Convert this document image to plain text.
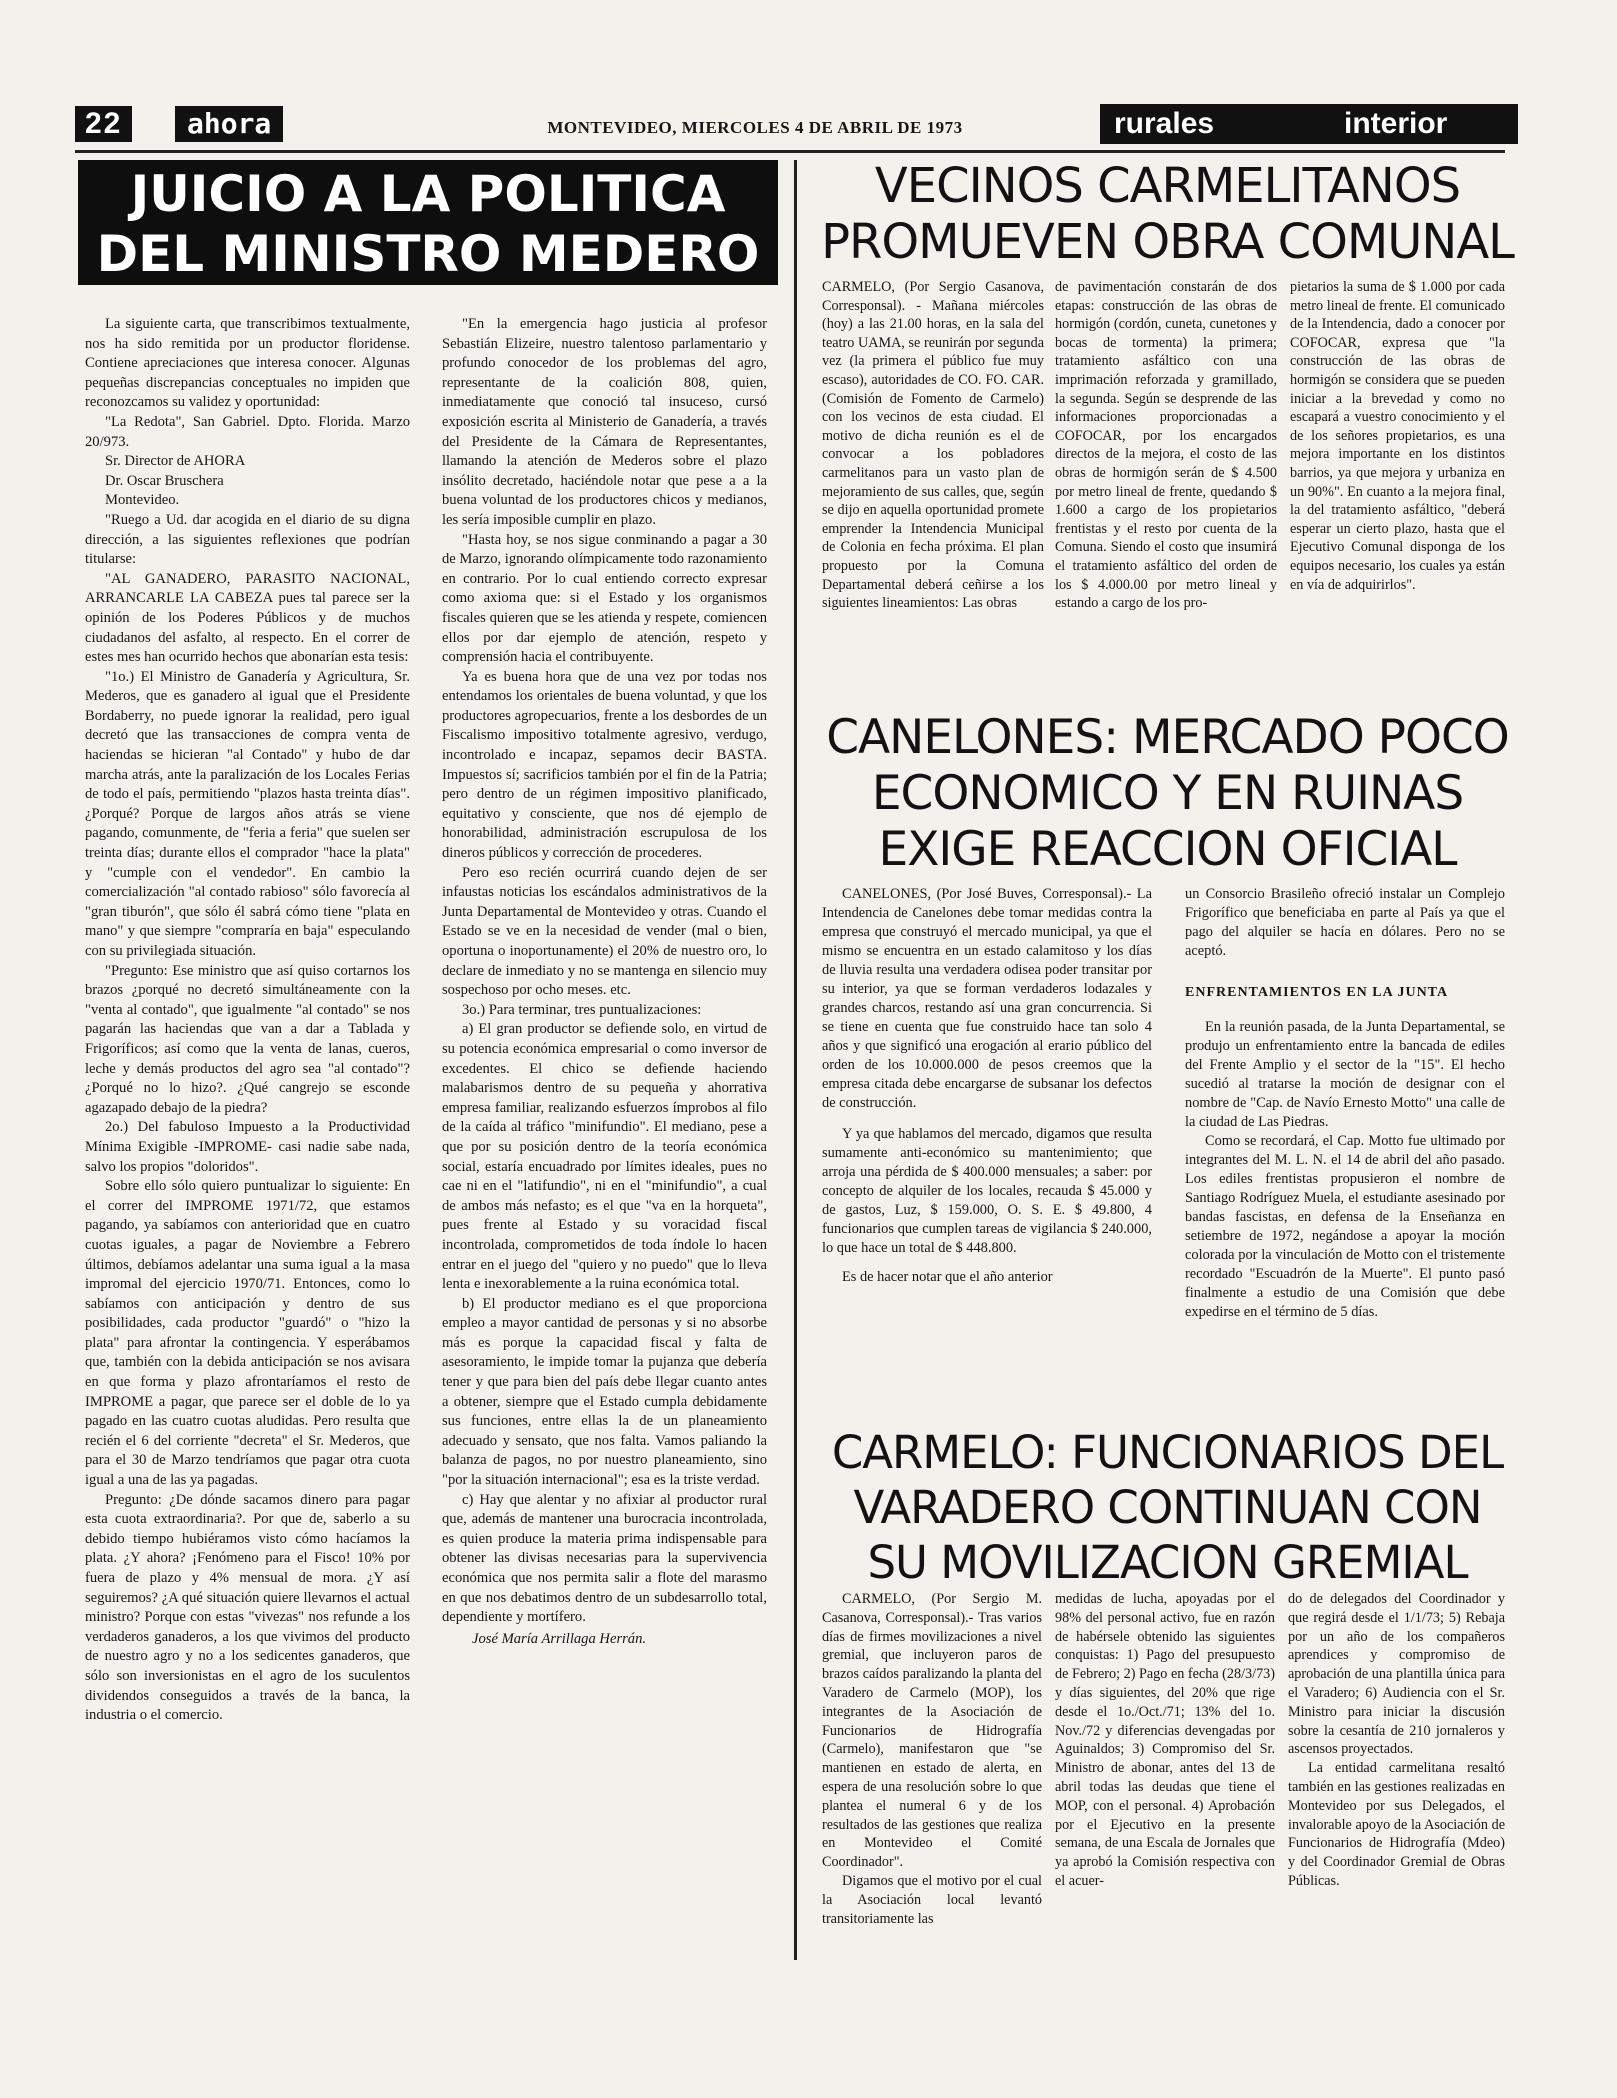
22	ahora	MONTEVIDEO, MIERCOLES 4 DE ABRIL DE 1973	rurales	interior
JUICIO A LA POLITICA
DEL MINISTRO MEDERO

La siguiente carta, que transcribimos textualmente, nos ha sido remitida por un productor floridense. Contiene apreciaciones que interesa conocer. Algunas pequeñas discrepancias conceptuales no impiden que reconozcamos su validez y oportunidad:

"La Redota", San Gabriel. Dpto. Florida. Marzo 20/973.

Sr. Director de AHORA

Dr. Oscar Bruschera

Montevideo.

"Ruego a Ud. dar acogida en el diario de su digna dirección, a las siguientes reflexiones que podrían titularse:

"AL GANADERO, PARASITO NACIONAL, ARRANCARLE LA CABEZA pues tal parece ser la opinión de los Poderes Públicos y de muchos ciudadanos del asfalto, al respecto. En el correr de estes mes han ocurrido hechos que abonarían esta tesis:

"1o.) El Ministro de Ganadería y Agricultura, Sr. Mederos, que es ganadero al igual que el Presidente Bordaberry, no puede ignorar la realidad, pero igual decretó que las transacciones de compra venta de haciendas se hicieran "al Contado" y hubo de dar marcha atrás, ante la paralización de los Locales Ferias de todo el país, permitiendo "plazos hasta treinta días". ¿Porqué? Porque de largos años atrás se viene pagando, comunmente, de "feria a feria" que suelen ser treinta días; durante ellos el comprador "hace la plata" y "cumple con el vendedor". En cambio la comercialización "al contado rabioso" sólo favorecía al "gran tiburón", que sólo él sabrá cómo tiene "plata en mano" y que siempre "compraría en baja" especulando con su privilegiada situación.

"Pregunto: Ese ministro que así quiso cortarnos los brazos ¿porqué no decretó simultáneamente con la "venta al contado", que igualmente "al contado" se nos pagarán las haciendas que van a dar a Tablada y Frigoríficos; así como que la venta de lanas, cueros, leche y demás productos del agro sea "al contado"? ¿Porqué no lo hizo?. ¿Qué cangrejo se esconde agazapado debajo de la piedra?

2o.) Del fabuloso Impuesto a la Productividad Mínima Exigible -IMPROME- casi nadie sabe nada, salvo los propios "doloridos".

Sobre ello sólo quiero puntualizar lo siguiente: En el correr del IMPROME 1971/72, que estamos pagando, ya sabíamos con anterioridad que en cuatro cuotas iguales, a pagar de Noviembre a Febrero últimos, debíamos adelantar una suma igual a la masa impromal del ejercicio 1970/71. Entonces, como lo sabíamos con anticipación y dentro de sus posibilidades, cada productor "guardó" o "hizo la plata" para afrontar la contingencia. Y esperábamos que, también con la debida anticipación se nos avisara en que forma y plazo afrontaríamos el resto de IMPROME a pagar, que parece ser el doble de lo ya pagado en las cuatro cuotas aludidas. Pero resulta que recién el 6 del corriente "decreta" el Sr. Mederos, que para el 30 de Marzo tendríamos que pagar otra cuota igual a una de las ya pagadas.

Pregunto: ¿De dónde sacamos dinero para pagar esta cuota extraordinaria?. Por que de, saberlo a su debido tiempo hubiéramos visto cómo hacíamos la plata. ¿Y ahora? ¡Fenómeno para el Fisco! 10% por fuera de plazo y 4% mensual de mora. ¿Y así seguiremos? ¿A qué situación quiere llevarnos el actual ministro? Porque con estas "vivezas" nos refunde a los verdaderos ganaderos, a los que vivimos del producto de nuestro agro y no a los sedicentes ganaderos, que sólo son inversionistas en el agro de los suculentos dividendos conseguidos a través de la banca, la industria o el comercio.

"En la emergencia hago justicia al profesor Sebastián Elizeire, nuestro talentoso parlamentario y profundo conocedor de los problemas del agro, representante de la coalición 808, quien, inmediatamente que conoció tal insuceso, cursó exposición escrita al Ministerio de Ganadería, a través del Presidente de la Cámara de Representantes, llamando la atención de Mederos sobre el plazo insólito decretado, haciéndole notar que pese a a la buena voluntad de los productores chicos y medianos, les sería imposible cumplir en plazo.

"Hasta hoy, se nos sigue conminando a pagar a 30 de Marzo, ignorando olímpicamente todo razonamiento en contrario. Por lo cual entiendo correcto expresar como axioma que: si el Estado y los organismos fiscales quieren que se les atienda y respete, comiencen ellos por dar ejemplo de atención, respeto y comprensión hacia el contribuyente.

Ya es buena hora que de una vez por todas nos entendamos los orientales de buena voluntad, y que los productores agropecuarios, frente a los desbordes de un Fiscalismo impositivo totalmente agresivo, verdugo, incontrolado e incapaz, sepamos decir BASTA. Impuestos sí; sacrificios también por el fin de la Patria; pero dentro de un régimen impositivo planificado, equitativo y consciente, que nos dé ejemplo de honorabilidad, administración escrupulosa de los dineros públicos y corrección de procederes.

Pero eso recién ocurrirá cuando dejen de ser infaustas noticias los escándalos administrativos de la Junta Departamental de Montevideo y otras. Cuando el Estado se ve en la necesidad de vender (mal o bien, oportuna o inoportunamente) el 20% de nuestro oro, lo declare de inmediato y no se mantenga en silencio muy sospechoso por ocho meses. etc.

3o.) Para terminar, tres puntualizaciones:

a) El gran productor se defiende solo, en virtud de su potencia económica empresarial o como inversor de excedentes. El chico se defiende haciendo malabarismos dentro de su pequeña y ahorrativa empresa familiar, realizando esfuerzos ímprobos al filo de la caída al tráfico "minifundio". El mediano, pese a que por su posición dentro de la teoría económica social, estaría encuadrado por límites ideales, pues no cae ni en el "latifundio", ni en el "minifundio", a cual de ambos más nefasto; es el que "va en la horqueta", pues frente al Estado y su voracidad fiscal incontrolada, comprometidos de toda índole lo hacen entrar en el juego del "quiero y no puedo" que lo lleva lenta e inexorablemente a la ruina económica total.

b) El productor mediano es el que proporciona empleo a mayor cantidad de personas y si no absorbe más es porque la capacidad fiscal y falta de asesoramiento, le impide tomar la pujanza que debería tener y que para bien del país debe llegar cuanto antes a obtener, siempre que el Estado cumpla debidamente sus funciones, entre ellas la de un planeamiento adecuado y sensato, que nos falta. Vamos paliando la balanza de pagos, no por nuestro planeamiento, sino "por la situación internacional"; esa es la triste verdad.

c) Hay que alentar y no afixiar al productor rural que, además de mantener una burocracia incontrolada, es quien produce la materia prima indispensable para obtener las divisas necesarias para la supervivencia económica que nos permita salir a flote del marasmo en que nos debatimos dentro de un subdesarrollo total, dependiente y mortífero.

José María Arrillaga Herrán.

VECINOS CARMELITANOS
PROMUEVEN OBRA COMUNAL

CARMELO, (Por Sergio Casanova, Corresponsal). - Mañana miércoles (hoy) a las 21.00 horas, en la sala del teatro UAMA, se reunirán por segunda vez (la primera el público fue muy escaso), autoridades de CO. FO. CAR. (Comisión de Fomento de Carmelo) con los vecinos de esta ciudad. El motivo de dicha reunión es el de convocar a los pobladores carmelitanos para un vasto plan de mejoramiento de sus calles, que, según se dijo en aquella oportunidad promete emprender la Intendencia Municipal de Colonia en fecha próxima. El plan propuesto por la Comuna Departamental deberá ceñirse a los siguientes lineamientos: Las obras

de pavimentación constarán de dos etapas: construcción de las obras de hormigón (cordón, cuneta, cunetones y bocas de tormenta) la primera; tratamiento asfáltico con una imprimación reforzada y gramillado, la segunda. Según se desprende de las informaciones proporcionadas a COFOCAR, por los encargados directos de la mejora, el costo de las obras de hormigón serán de $ 4.500 por metro lineal de frente, quedando $ 1.600 a cargo de los propietarios frentistas y el resto por cuenta de la Comuna. Siendo el costo que insumirá el tratamiento asfáltico del orden de los $ 4.000.00 por metro lineal y estando a cargo de los pro-

pietarios la suma de $ 1.000 por cada metro lineal de frente. El comunicado de la Intendencia, dado a conocer por COFOCAR, expresa que "la construcción de las obras de hormigón se considera que se pueden iniciar a la brevedad y como no escapará a vuestro conocimiento y el de los señores propietarios, es una mejora importante en los distintos barrios, ya que mejora y urbaniza en un 90%". En cuanto a la mejora final, la del tratamiento asfáltico, "deberá esperar un cierto plazo, hasta que el Ejecutivo Comunal disponga de los equipos necesario, los cuales ya están en vía de adquirirlos".

CANELONES: MERCADO POCO
ECONOMICO Y EN RUINAS
EXIGE REACCION OFICIAL

CANELONES, (Por José Buves, Corresponsal).- La Intendencia de Canelones debe tomar medidas contra la empresa que construyó el mercado municipal, ya que el mismo se encuentra en un estado calamitoso y los días de lluvia resulta una verdadera odisea poder transitar por su interior, ya que se forman verdaderos lodazales y grandes charcos, restando así una gran concurrencia. Si se tiene en cuenta que fue construido hace tan solo 4 años y que significó una erogación al erario público del orden de los 10.000.000 de pesos creemos que la empresa citada debe encargarse de subsanar los defectos de construcción.

Y ya que hablamos del mercado, digamos que resulta sumamente anti-económico su mantenimiento; que arroja una pérdida de $ 400.000 mensuales; a saber: por concepto de alquiler de los locales, recauda $ 45.000 y de gastos, Luz, $ 159.000, O. S. E. $ 49.800, 4 funcionarios que cumplen tareas de vigilancia $ 240.000, lo que hace un total de $ 448.800.

Es de hacer notar que el año anterior

un Consorcio Brasileño ofreció instalar un Complejo Frigorífico que beneficiaba en parte al País ya que el pago del alquiler se hacía en dólares. Pero no se aceptó.

ENFRENTAMIENTOS EN LA JUNTA

En la reunión pasada, de la Junta Departamental, se produjo un enfrentamiento entre la bancada de ediles del Frente Amplio y el sector de la "15". El hecho sucedió al tratarse la moción de designar con el nombre de "Cap. de Navío Ernesto Motto" una calle de la ciudad de Las Piedras.

Como se recordará, el Cap. Motto fue ultimado por integrantes del M. L. N. el 14 de abril del año pasado. Los ediles frentistas propusieron el nombre de Santiago Rodríguez Muela, el estudiante asesinado por bandas fascistas, en defensa de la Enseñanza en setiembre de 1972, negándose a apoyar la moción colorada por la vinculación de Motto con el tristemente recordado "Escuadrón de la Muerte". El punto pasó finalmente a estudio de una Comisión que debe expedirse en el término de 5 días.

CARMELO: FUNCIONARIOS DEL
VARADERO CONTINUAN CON
SU MOVILIZACION GREMIAL

CARMELO, (Por Sergio M. Casanova, Corresponsal).- Tras varios días de firmes movilizaciones a nivel gremial, que incluyeron paros de brazos caídos paralizando la planta del Varadero de Carmelo (MOP), los integrantes de la Asociación de Funcionarios de Hidrografía (Carmelo), manifestaron que "se mantienen en estado de alerta, en espera de una resolución sobre lo que plantea el numeral 6 y de los resultados de las gestiones que realiza en Montevideo el Comité Coordinador".

Digamos que el motivo por el cual la Asociación local levantó transitoriamente las

medidas de lucha, apoyadas por el 98% del personal activo, fue en razón de habérsele obtenido las siguientes conquistas: 1) Pago del presupuesto de Febrero; 2) Pago en fecha (28/3/73) y días siguientes, del 20% que rige desde el 1o./Oct./71; 13% del 1o. Nov./72 y diferencias devengadas por Aguinaldos; 3) Compromiso del Sr. Ministro de abonar, antes del 13 de abril todas las deudas que tiene el MOP, con el personal. 4) Aprobación por el Ejecutivo en la presente semana, de una Escala de Jornales que ya aprobó la Comisión respectiva con el acuer-

do de delegados del Coordinador y que regirá desde el 1/1/73; 5) Rebaja por un año de los compañeros aprendices y compromiso de aprobación de una plantilla única para el Varadero; 6) Audiencia con el Sr. Ministro para iniciar la discusión sobre la cesantía de 210 jornaleros y ascensos proyectados.

La entidad carmelitana resaltó también en las gestiones realizadas en Montevideo por sus Delegados, el invalorable apoyo de la Asociación de Funcionarios de Hidrografía (Mdeo) y del Coordinador Gremial de Obras Públicas.
